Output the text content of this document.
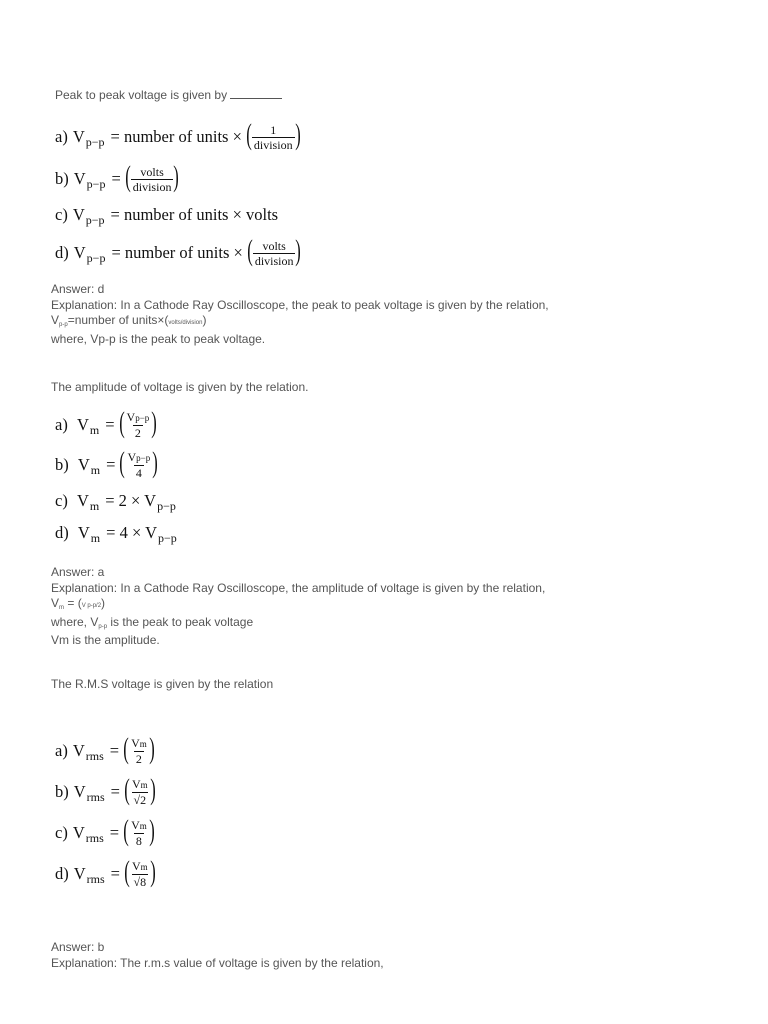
Peak to peak voltage is given by
a) V p−p = number of units × ( $\frac{1}{\text{division}}$ )
b) V p−p = ( $\frac{\text{volts}}{\text{division}}$ )
c) V p−p = number of units × volts
d) V p−p = number of units × ( $\frac{\text{volts}}{\text{division}}$ )
Answer: d
Explanation: In a Cathode Ray Oscilloscope, the peak to peak voltage is given by the relation,
Vp-p=number of units×(volts/division)
where, Vp-p is the peak to peak voltage.
The amplitude of voltage is given by the relation.
a)
V m = ( $\frac{Vp-p}{2}$ )
b)
V m = ( $\frac{Vp-p}{4}$ )
c)
V m = 2 × V p−p
d)
V m = 4 × V p−p
Answer: a
Explanation: In a Cathode Ray Oscilloscope, the amplitude of voltage is given by the relation,
Vm = (V p-p/2)
where, Vp-p is the peak to peak voltage
Vm is the amplitude.
The R.M.S voltage is given by the relation
a) V rms = ( $\frac{Vm}{2}$ )
b) V rms = ( $\frac{Vm}{√2}$ )
c) V rms = ( $\frac{Vm}{8}$ )
d) V rms = ( $\frac{Vm}{√8}$ )
Answer: b
Explanation: The r.m.s value of voltage is given by the relation,
